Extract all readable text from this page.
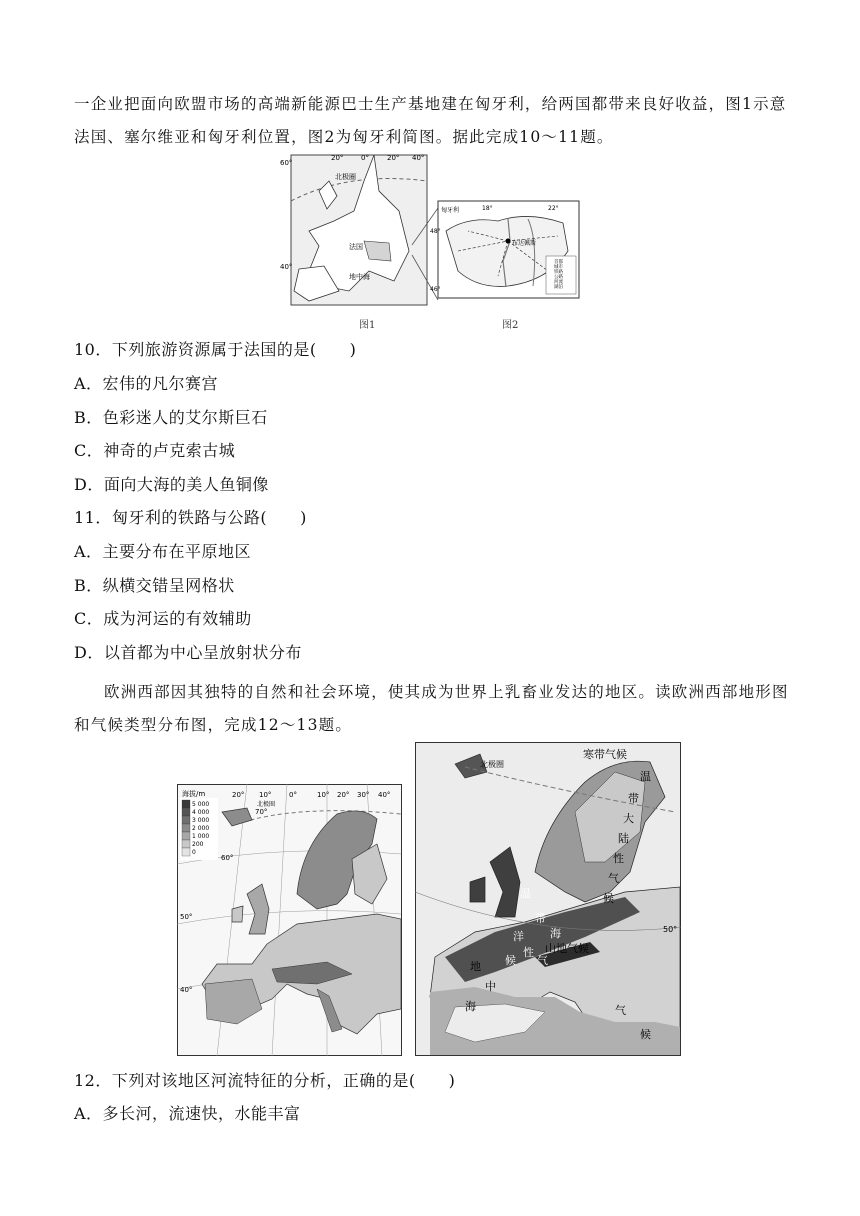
一企业把面向欧盟市场的高端新能源巴士生产基地建在匈牙利，给两国都带来良好收益，图1示意法国、塞尔维亚和匈牙利位置，图2为匈牙利简图。据此完成10～11题。
60°
40°
20°	0°	20° 40°
北极圈
法国
地中海
图1
匈牙利	18°	22°
48°
46°
布达佩斯
首都
城市
铁路
公路
河流
湖泊
图2
10．下列旅游资源属于法国的是(　　)
A．宏伟的凡尔赛宫
B．色彩迷人的艾尔斯巨石
C．神奇的卢克索古城
D．面向大海的美人鱼铜像
11．匈牙利的铁路与公路(　　)
A．主要分布在平原地区
B．纵横交错呈网格状
C．成为河运的有效辅助
D．以首都为中心呈放射状分布
欧洲西部因其独特的自然和社会环境，使其成为世界上乳畜业发达的地区。读欧洲西部地形图和气候类型分布图，完成12～13题。
海拔/m
5 000
4 000
3 000
2 000
1 000
200
0
20° 10°	0°	10° 20° 30° 40°
70°
60°
50°
40°
北极圈
北极圈
50°
寒带气候
温
带
大
陆
性
气
候
温
带
海
洋
性
气
候
山地气候
地
中
海	气
候
12．下列对该地区河流特征的分析，正确的是(　　)
A．多长河，流速快，水能丰富
